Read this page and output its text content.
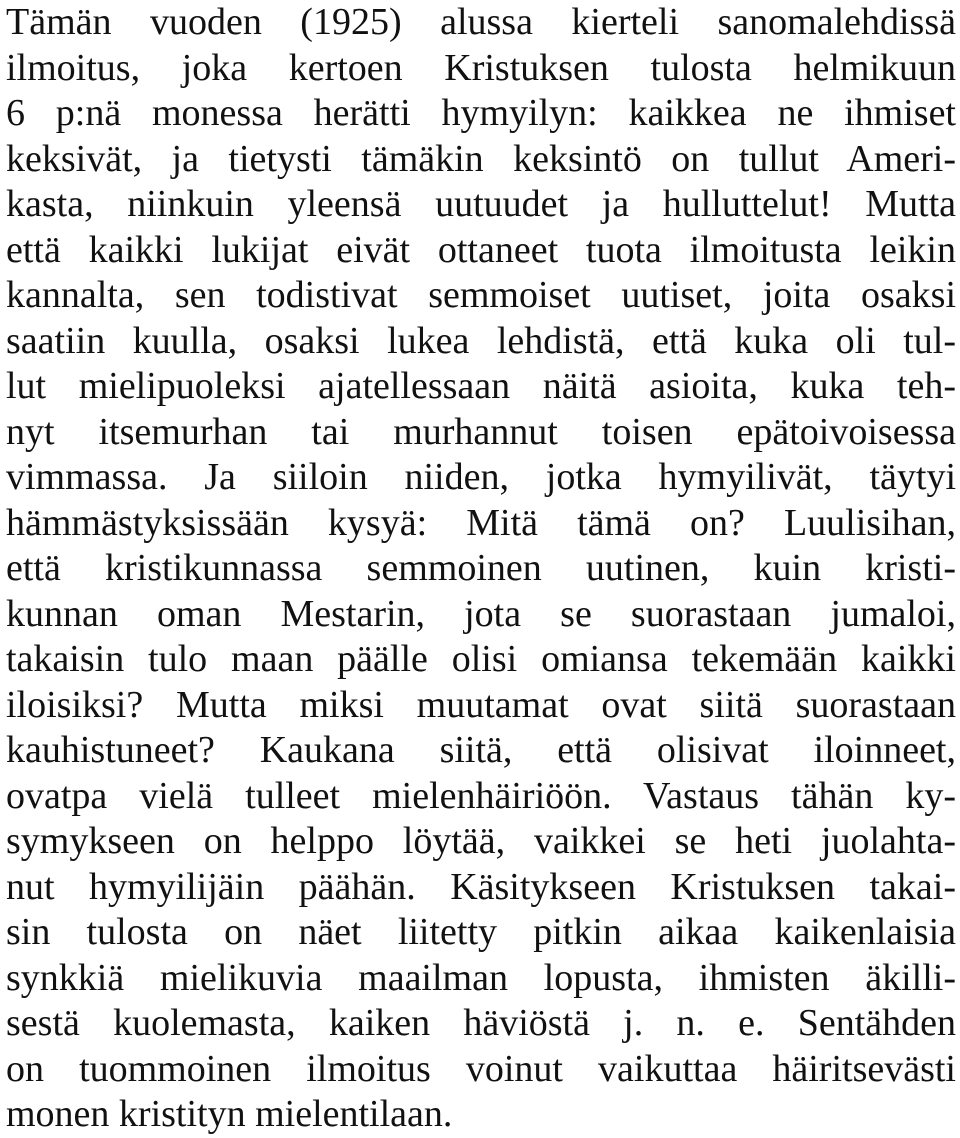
Tämän vuoden (1925) alussa kierteli sanomalehdissä
ilmoitus, joka kertoen Kristuksen tulosta helmikuun
6 p:nä monessa herätti hymyilyn: kaikkea ne ihmiset
keksivät, ja tietysti tämäkin keksintö on tullut Ameri-
kasta, niinkuin yleensä uutuudet ja hulluttelut! Mutta
että kaikki lukijat eivät ottaneet tuota ilmoitusta leikin
kannalta, sen todistivat semmoiset uutiset, joita osaksi
saatiin kuulla, osaksi lukea lehdistä, että kuka oli tul-
lut mielipuoleksi ajatellessaan näitä asioita, kuka teh-
nyt itsemurhan tai murhannut toisen epätoivoisessa
vimmassa. Ja siiloin niiden, jotka hymyilivät, täytyi
hämmästyksissään kysyä: Mitä tämä on? Luulisihan,
että kristikunnassa semmoinen uutinen, kuin kristi-
kunnan oman Mestarin, jota se suorastaan jumaloi,
takaisin tulo maan päälle olisi omiansa tekemään kaikki
iloisiksi? Mutta miksi muutamat ovat siitä suorastaan
kauhistuneet? Kaukana siitä, että olisivat iloinneet,
ovatpa vielä tulleet mielenhäiriöön. Vastaus tähän ky-
symykseen on helppo löytää, vaikkei se heti juolahta-
nut hymyilijäin päähän. Käsitykseen Kristuksen takai-
sin tulosta on näet liitetty pitkin aikaa kaikenlaisia
synkkiä mielikuvia maailman lopusta, ihmisten äkilli-
sestä kuolemasta, kaiken häviöstä j. n. e. Sentähden
on tuommoinen ilmoitus voinut vaikuttaa häiritsevästi
monen kristityn mielentilaan.
